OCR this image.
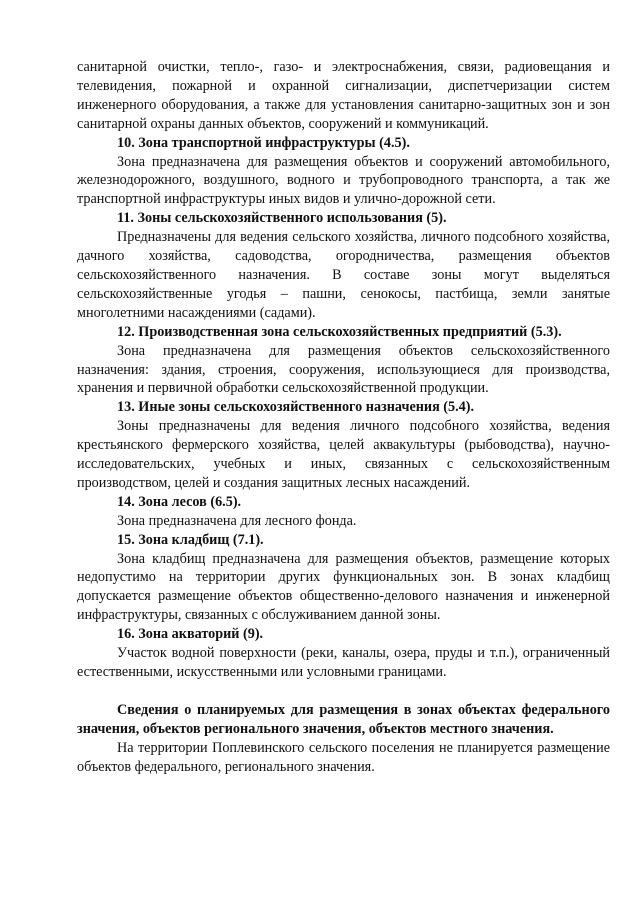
санитарной очистки, тепло-, газо- и электроснабжения, связи, радиовещания и телевидения, пожарной и охранной сигнализации, диспетчеризации систем инженерного оборудования, а также для установления санитарно-защитных зон и зон санитарной охраны данных объектов, сооружений и коммуникаций.

10. Зона транспортной инфраструктуры (4.5).

Зона предназначена для размещения объектов и сооружений автомобильного, железнодорожного, воздушного, водного и трубопроводного транспорта, а так же транспортной инфраструктуры иных видов и улично-дорожной сети.

11. Зоны сельскохозяйственного использования (5).

Предназначены для ведения сельского хозяйства, личного подсобного хозяйства, дачного хозяйства, садоводства, огородничества, размещения объектов сельскохозяйственного назначения. В составе зоны могут выделяться сельскохозяйственные угодья – пашни, сенокосы, пастбища, земли занятые многолетними насаждениями (садами).

12. Производственная зона сельскохозяйственных предприятий (5.3).

Зона предназначена для размещения объектов сельскохозяйственного назначения: здания, строения, сооружения, использующиеся для производства, хранения и первичной обработки сельскохозяйственной продукции.

13. Иные зоны сельскохозяйственного назначения (5.4).

Зоны предназначены для ведения личного подсобного хозяйства, ведения крестьянского фермерского хозяйства, целей аквакультуры (рыбоводства), научно-исследовательских, учебных и иных, связанных с сельскохозяйственным производством, целей и создания защитных лесных насаждений.

14. Зона лесов (6.5).

Зона предназначена для лесного фонда.

15. Зона кладбищ (7.1).

Зона кладбищ предназначена для размещения объектов, размещение которых недопустимо на территории других функциональных зон. В зонах кладбищ допускается размещение объектов общественно-делового назначения и инженерной инфраструктуры, связанных с обслуживанием данной зоны.

16. Зона акваторий (9).

Участок водной поверхности (реки, каналы, озера, пруды и т.п.), ограниченный естественными, искусственными или условными границами.

Сведения о планируемых для размещения в зонах объектах федерального значения, объектов регионального значения, объектов местного значения.

На территории Поплевинского сельского поселения не планируется размещение объектов федерального, регионального значения.
